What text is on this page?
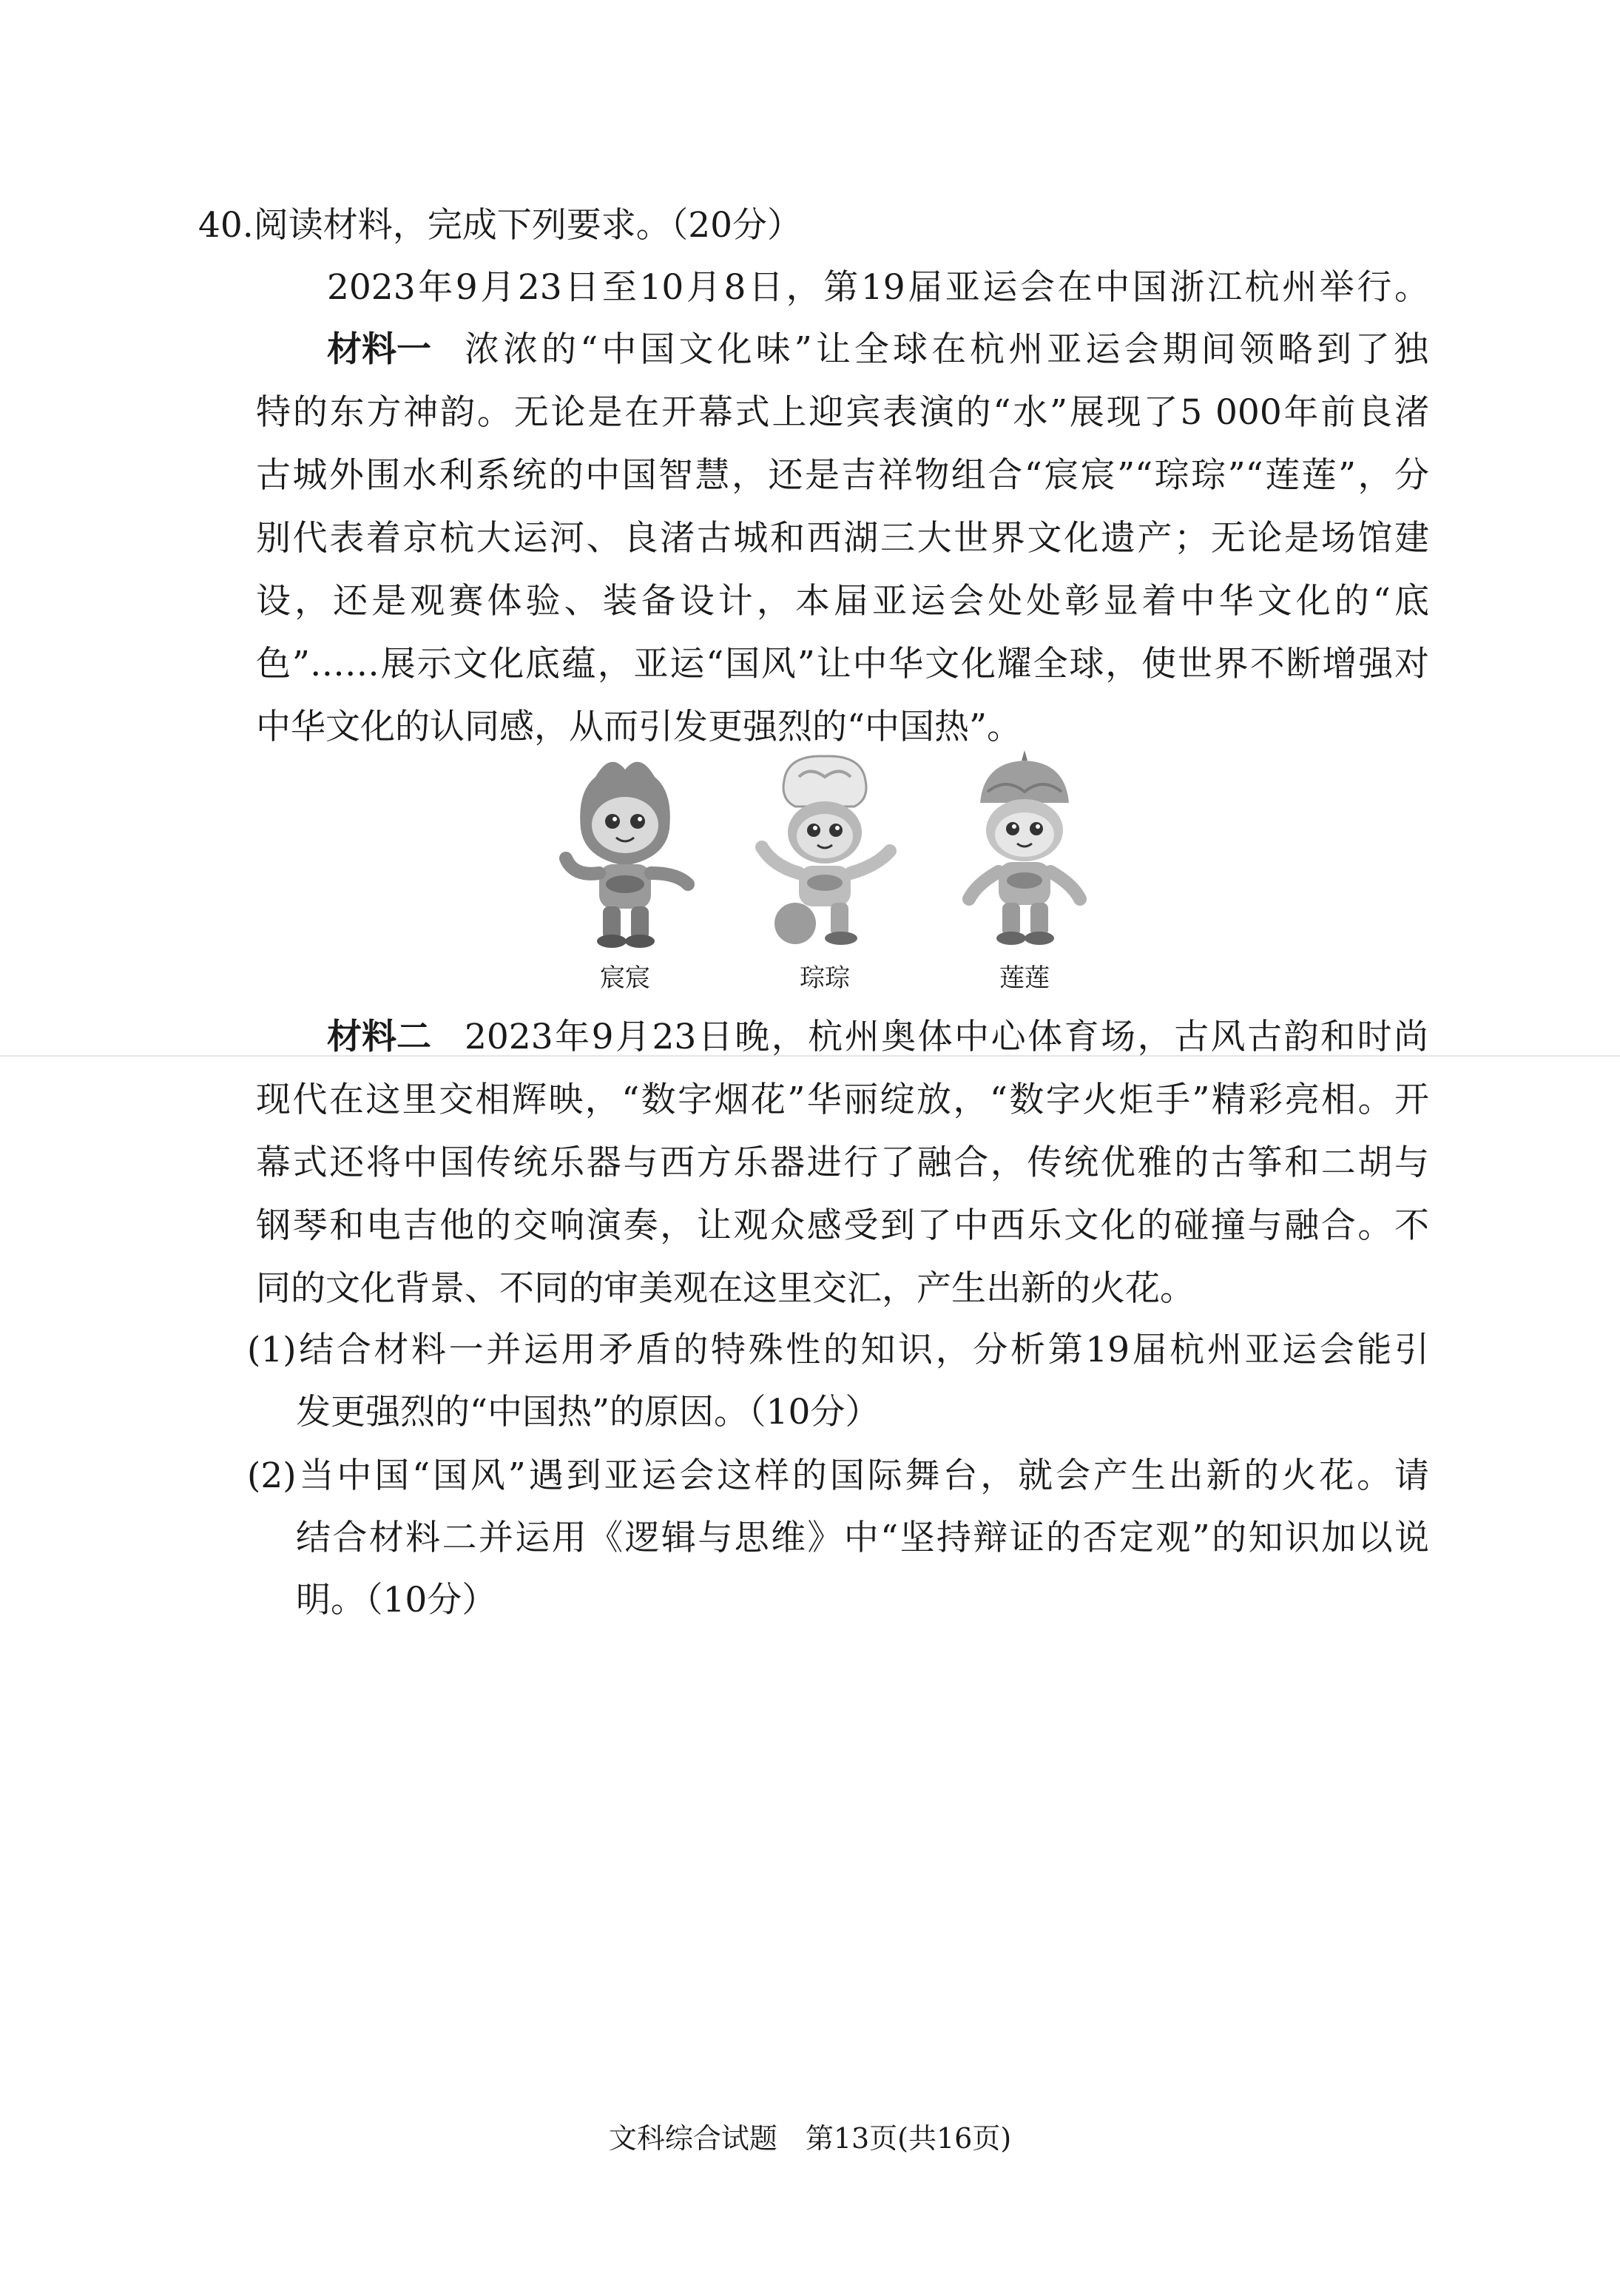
40.阅读材料，完成下列要求。（20分）
2023年9月23日至10月8日，第19届亚运会在中国浙江杭州举行。
材料一 浓浓的“中国文化味”让全球在杭州亚运会期间领略到了独
特的东方神韵。无论是在开幕式上迎宾表演的“水”展现了5 000年前良渚
古城外围水利系统的中国智慧，还是吉祥物组合“宸宸”“琮琮”“莲莲”，分
别代表着京杭大运河、良渚古城和西湖三大世界文化遗产；无论是场馆建
设，还是观赛体验、装备设计，本届亚运会处处彰显着中华文化的“底
色”……展示文化底蕴，亚运“国风”让中华文化耀全球，使世界不断增强对
中华文化的认同感，从而引发更强烈的“中国热”。
宸宸	琮琮	莲莲
材料二 2023年9月23日晚，杭州奥体中心体育场，古风古韵和时尚
现代在这里交相辉映，“数字烟花”华丽绽放，“数字火炬手”精彩亮相。开
幕式还将中国传统乐器与西方乐器进行了融合，传统优雅的古筝和二胡与
钢琴和电吉他的交响演奏，让观众感受到了中西乐文化的碰撞与融合。不
同的文化背景、不同的审美观在这里交汇，产生出新的火花。
(1)结合材料一并运用矛盾的特殊性的知识，分析第19届杭州亚运会能引
发更强烈的“中国热”的原因。（10分）
(2)当中国“国风”遇到亚运会这样的国际舞台，就会产生出新的火花。请
结合材料二并运用《逻辑与思维》中“坚持辩证的否定观”的知识加以说
明。（10分）
文科综合试题　第13页(共16页)
